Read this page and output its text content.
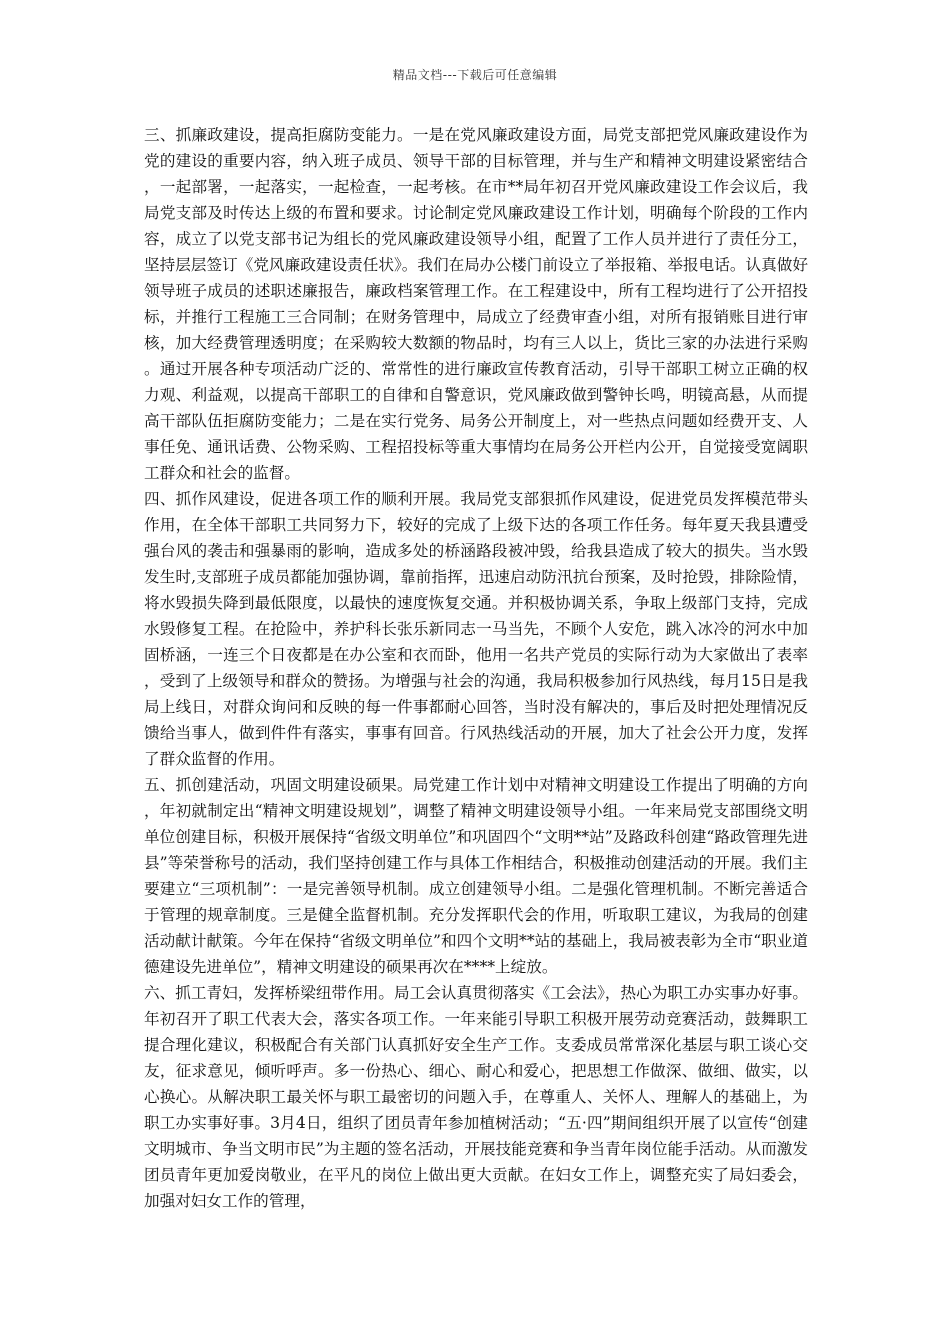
精品文档---下载后可任意编辑

三、抓廉政建设，提高拒腐防变能力。一是在党风廉政建设方面，局党支部把党风廉政建设作为党的建设的重要内容，纳入班子成员、领导干部的目标管理，并与生产和精神文明建设紧密结合，一起部署，一起落实，一起检查，一起考核。在市**局年初召开党风廉政建设工作会议后，我局党支部及时传达上级的布置和要求。讨论制定党风廉政建设工作计划，明确每个阶段的工作内容，成立了以党支部书记为组长的党风廉政建设领导小组，配置了工作人员并进行了责任分工，坚持层层签订《党风廉政建设责任状》。我们在局办公楼门前设立了举报箱、举报电话。认真做好领导班子成员的述职述廉报告，廉政档案管理工作。在工程建设中，所有工程均进行了公开招投标，并推行工程施工三合同制；在财务管理中，局成立了经费审查小组，对所有报销账目进行审核，加大经费管理透明度；在采购较大数额的物品时，均有三人以上，货比三家的办法进行采购。通过开展各种专项活动广泛的、常常性的进行廉政宣传教育活动，引导干部职工树立正确的权力观、利益观，以提高干部职工的自律和自警意识，党风廉政做到警钟长鸣，明镜高悬，从而提高干部队伍拒腐防变能力；二是在实行党务、局务公开制度上，对一些热点问题如经费开支、人事任免、通讯话费、公物采购、工程招投标等重大事情均在局务公开栏内公开，自觉接受宽阔职工群众和社会的监督。

四、抓作风建设，促进各项工作的顺利开展。我局党支部狠抓作风建设，促进党员发挥模范带头作用，在全体干部职工共同努力下，较好的完成了上级下达的各项工作任务。每年夏天我县遭受强台风的袭击和强暴雨的影响，造成多处的桥涵路段被冲毁，给我县造成了较大的损失。当水毁发生时,支部班子成员都能加强协调，靠前指挥，迅速启动防汛抗台预案，及时抢毁，排除险情，将水毁损失降到最低限度，以最快的速度恢复交通。并积极协调关系，争取上级部门支持，完成水毁修复工程。在抢险中，养护科长张乐新同志一马当先，不顾个人安危，跳入冰冷的河水中加固桥涵，一连三个日夜都是在办公室和衣而卧，他用一名共产党员的实际行动为大家做出了表率，受到了上级领导和群众的赞扬。为增强与社会的沟通，我局积极参加行风热线，每月15日是我局上线日，对群众询问和反映的每一件事都耐心回答，当时没有解决的，事后及时把处理情况反馈给当事人，做到件件有落实，事事有回音。行风热线活动的开展，加大了社会公开力度，发挥了群众监督的作用。

五、抓创建活动，巩固文明建设硕果。局党建工作计划中对精神文明建设工作提出了明确的方向，年初就制定出“精神文明建设规划”，调整了精神文明建设领导小组。一年来局党支部围绕文明单位创建目标，积极开展保持“省级文明单位”和巩固四个“文明**站”及路政科创建“路政管理先进县”等荣誉称号的活动，我们坚持创建工作与具体工作相结合，积极推动创建活动的开展。我们主要建立“三项机制”：一是完善领导机制。成立创建领导小组。二是强化管理机制。不断完善适合于管理的规章制度。三是健全监督机制。充分发挥职代会的作用，听取职工建议，为我局的创建活动献计献策。今年在保持“省级文明单位”和四个文明**站的基础上，我局被表彰为全市“职业道德建设先进单位”，精神文明建设的硕果再次在****上绽放。

六、抓工青妇，发挥桥梁纽带作用。局工会认真贯彻落实《工会法》，热心为职工办实事办好事。年初召开了职工代表大会，落实各项工作。一年来能引导职工积极开展劳动竞赛活动，鼓舞职工提合理化建议，积极配合有关部门认真抓好安全生产工作。支委成员常常深化基层与职工谈心交友，征求意见，倾听呼声。多一份热心、细心、耐心和爱心，把思想工作做深、做细、做实，以心换心。从解决职工最关怀与职工最密切的问题入手，在尊重人、关怀人、理解人的基础上，为职工办实事好事。3月4日，组织了团员青年参加植树活动；“五·四”期间组织开展了以宣传“创建文明城市、争当文明市民”为主题的签名活动，开展技能竞赛和争当青年岗位能手活动。从而激发团员青年更加爱岗敬业，在平凡的岗位上做出更大贡献。在妇女工作上，调整充实了局妇委会，加强对妇女工作的管理，
